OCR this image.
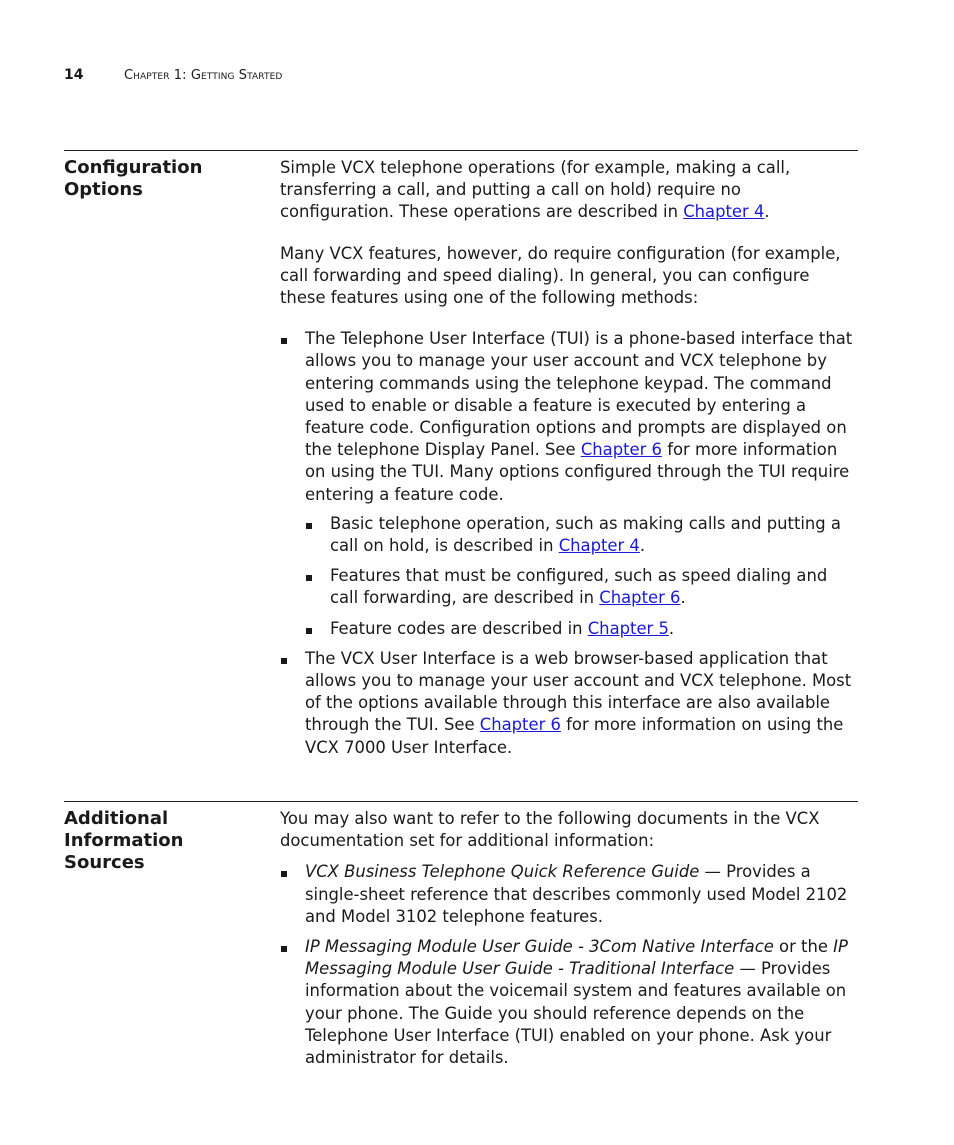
14	Chapter 1: Getting Started
Configuration
Options

Simple VCX telephone operations (for example, making a call, transferring a call, and putting a call on hold) require no configuration. These operations are described in Chapter 4.

Many VCX features, however, do require configuration (for example, call forwarding and speed dialing). In general, you can configure these features using one of the following methods:

The Telephone User Interface (TUI) is a phone-based interface that allows you to manage your user account and VCX telephone by entering commands using the telephone keypad. The command used to enable or disable a feature is executed by entering a feature code. Configuration options and prompts are displayed on the telephone Display Panel. See Chapter 6 for more information on using the TUI. Many options configured through the TUI require entering a feature code.
Basic telephone operation, such as making calls and putting a call on hold, is described in Chapter 4.
Features that must be configured, such as speed dialing and call forwarding, are described in Chapter 6.
Feature codes are described in Chapter 5.
The VCX User Interface is a web browser-based application that allows you to manage your user account and VCX telephone. Most of the options available through this interface are also available through the TUI. See Chapter 6 for more information on using the VCX 7000 User Interface.
Additional
Information
Sources

You may also want to refer to the following documents in the VCX documentation set for additional information:

VCX Business Telephone Quick Reference Guide — Provides a single-sheet reference that describes commonly used Model 2102 and Model 3102 telephone features.
IP Messaging Module User Guide - 3Com Native Interface or the IP Messaging Module User Guide - Traditional Interface — Provides information about the voicemail system and features available on your phone. The Guide you should reference depends on the Telephone User Interface (TUI) enabled on your phone. Ask your administrator for details.
